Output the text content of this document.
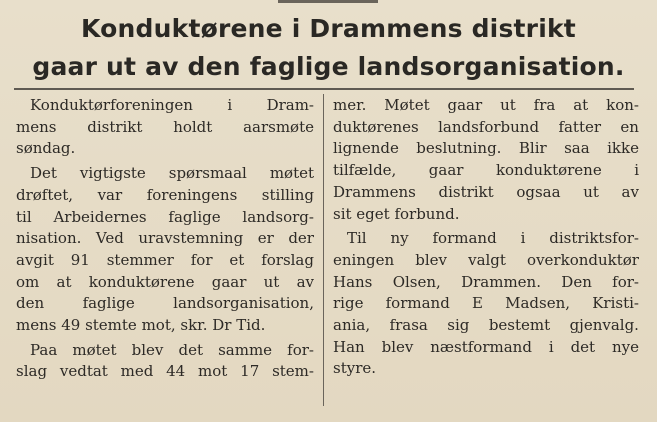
Konduktørene i Drammens distrikt
gaar ut av den faglige landsorganisation.
Konduktørforeningen i Dram-
mens distrikt holdt aarsmøte
søndag.
Det vigtigste spørsmaal møtet
drøftet, var foreningens stilling
til Arbeidernes faglige landsorg-
nisation. Ved uravstemning er der
avgit 91 stemmer for et forslag
om at konduktørene gaar ut av
den	faglige	landsorganisation,
mens 49 stemte mot, skr. Dr Tid.
Paa møtet blev det samme for-
slag vedtat med 44 mot 17 stem-
mer. Møtet gaar ut fra at kon-
duktørenes landsforbund fatter en
lignende beslutning. Blir saa ikke
tilfælde, gaar konduktørene i
Drammens distrikt ogsaa ut av
sit eget forbund.
Til ny formand i distriktsfor-
eningen blev valgt overkonduktør
Hans Olsen, Drammen. Den for-
rige formand E Madsen, Kristi-
ania, frasa sig bestemt gjenvalg.
Han blev næstformand i det nye
styre.
